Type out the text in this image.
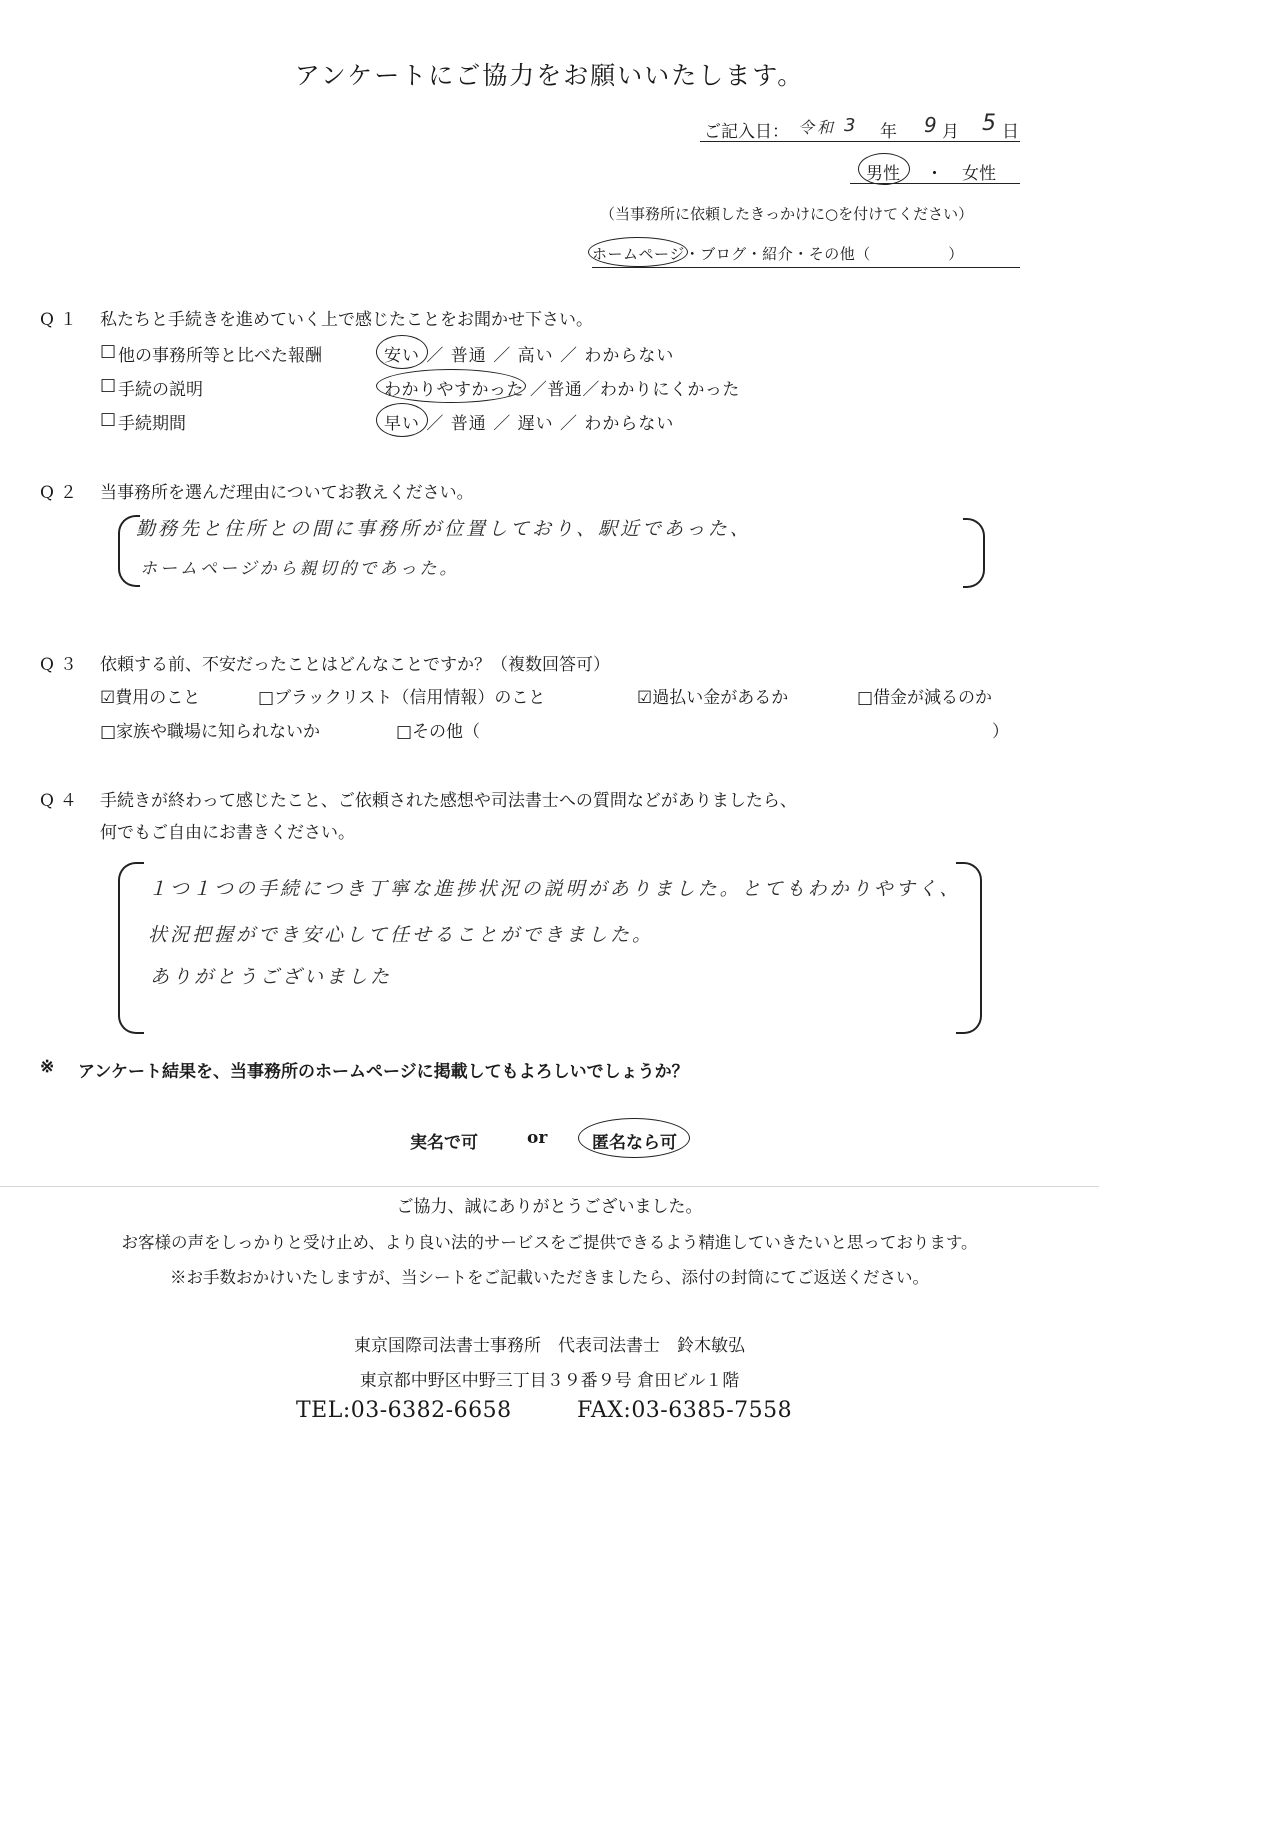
アンケートにご協力をお願いいたします。
ご記入日： 令和 3 年 9 月 5 日
男性 ・ 女性
（当事務所に依頼したきっかけに○を付けてください）
ホームページ・ブログ・紹介・その他（　　　　　）
Q１ 私たちと手続きを進めていく上で感じたことをお聞かせ下さい。
□ 他の事務所等と比べた報酬	安い ／ 普通 ／ 高い ／ わからない
□ 手続の説明	わかりやすかった ／普通／わかりにくかった
□ 手続期間	早い ／ 普通 ／ 遅い ／ わからない
Q２ 当事務所を選んだ理由についてお教えください。
勤務先と住所との間に事務所が位置しており、駅近であった、
ホームページから親切的であった。
Q３ 依頼する前、不安だったことはどんなことですか？（複数回答可）
☑費用のこと	□ブラックリスト（信用情報）のこと	☑過払い金があるか	□借金が減るのか
□家族や職場に知られないか	□その他（	）
Q４ 手続きが終わって感じたこと、ご依頼された感想や司法書士への質問などがありましたら、
何でもご自由にお書きください。
１つ１つの手続につき丁寧な進捗状況の説明がありました。とてもわかりやすく、
状況把握ができ安心して任せることができました。
ありがとうございました
※ アンケート結果を、当事務所のホームページに掲載してもよろしいでしょうか？
実名で可	or	匿名なら可
ご協力、誠にありがとうございました。
お客様の声をしっかりと受け止め、より良い法的サービスをご提供できるよう精進していきたいと思っております。
※お手数おかけいたしますが、当シートをご記載いただきましたら、添付の封筒にてご返送ください。
東京国際司法書士事務所　代表司法書士　鈴木敏弘
東京都中野区中野三丁目３９番９号 倉田ビル１階
TEL:03-6382-6658	FAX:03-6385-7558
